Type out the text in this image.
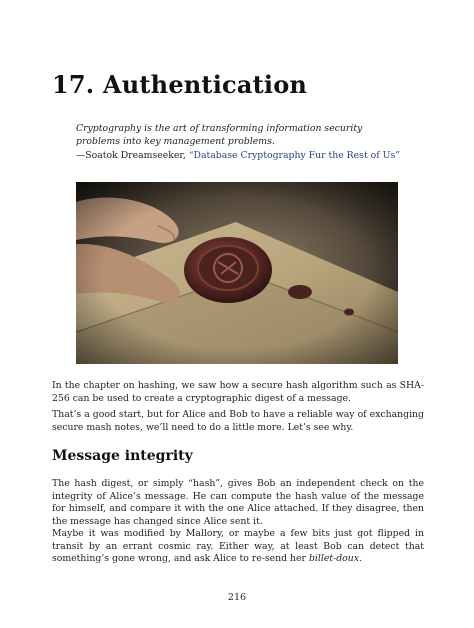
17. Authentication

Cryptography is the art of transforming information security problems into key management problems.

—Soatok Dreamseeker, “Database Cryptography Fur the Rest of Us”

In the chapter on hashing, we saw how a secure hash algorithm such as SHA-256 can be used to create a cryptographic digest of a message.

That’s a good start, but for Alice and Bob to have a reliable way of exchanging secure mash notes, we’ll need to do a little more. Let’s see why.

Message integrity

The hash digest, or simply “hash”, gives Bob an independent check on the integrity of Alice’s message. He can compute the hash value of the message for himself, and compare it with the one Alice attached. If they disagree, then the message has changed since Alice sent it.

Maybe it was modified by Mallory, or maybe a few bits just got flipped in transit by an errant cosmic ray. Either way, at least Bob can detect that something’s gone wrong, and ask Alice to re-send her billet-doux.

216
